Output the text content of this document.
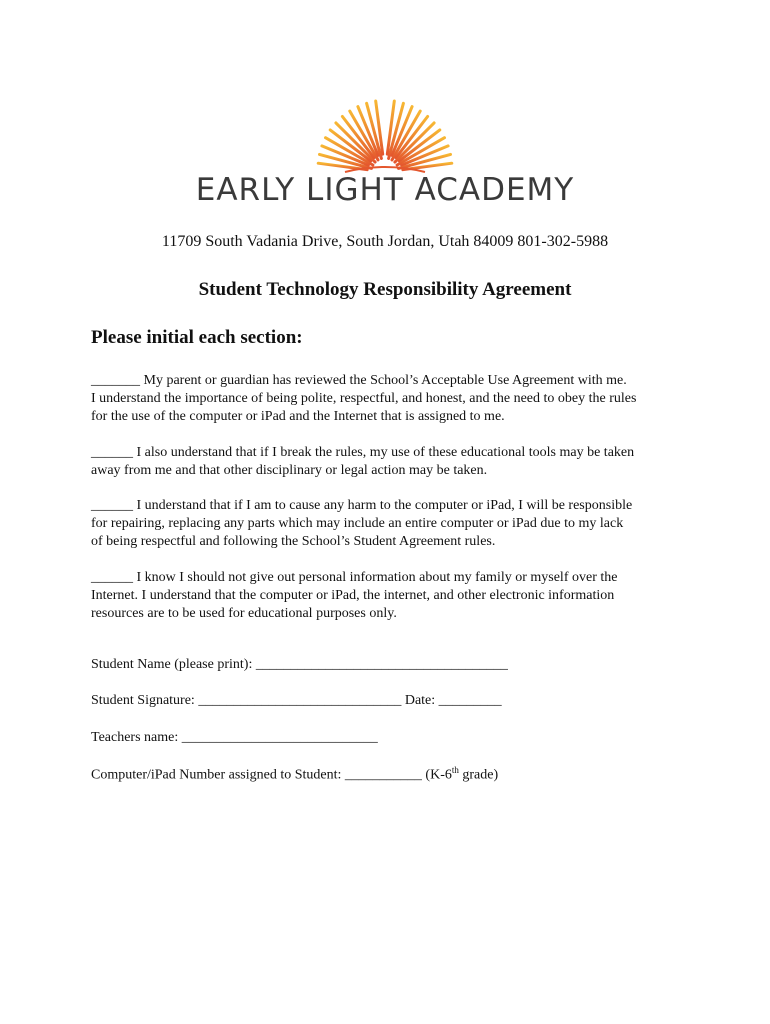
EARLY LIGHT ACADEMY
11709 South Vadania Drive, South Jordan, Utah 84009 801-302-5988
Student Technology Responsibility Agreement
Please initial each section:

_______ My parent or guardian has reviewed the School’s Acceptable Use Agreement with me.

I understand the importance of being polite, respectful, and honest, and the need to obey the rules

for the use of the computer or iPad and the Internet that is assigned to me.

______ I also understand that if I break the rules, my use of these educational tools may be taken

away from me and that other disciplinary or legal action may be taken.

______ I understand that if I am to cause any harm to the computer or iPad, I will be responsible

for repairing, replacing any parts which may include an entire computer or iPad due to my lack

of being respectful and following the School’s Student Agreement rules.

______ I know I should not give out personal information about my family or myself over the

Internet. I understand that the computer or iPad, the internet, and other electronic information

resources are to be used for educational purposes only.

Student Name (please print): ____________________________________
Student Signature: _____________________________ Date: _________
Teachers name: ____________________________
Computer/iPad Number assigned to Student: ___________ (K-6th grade)
